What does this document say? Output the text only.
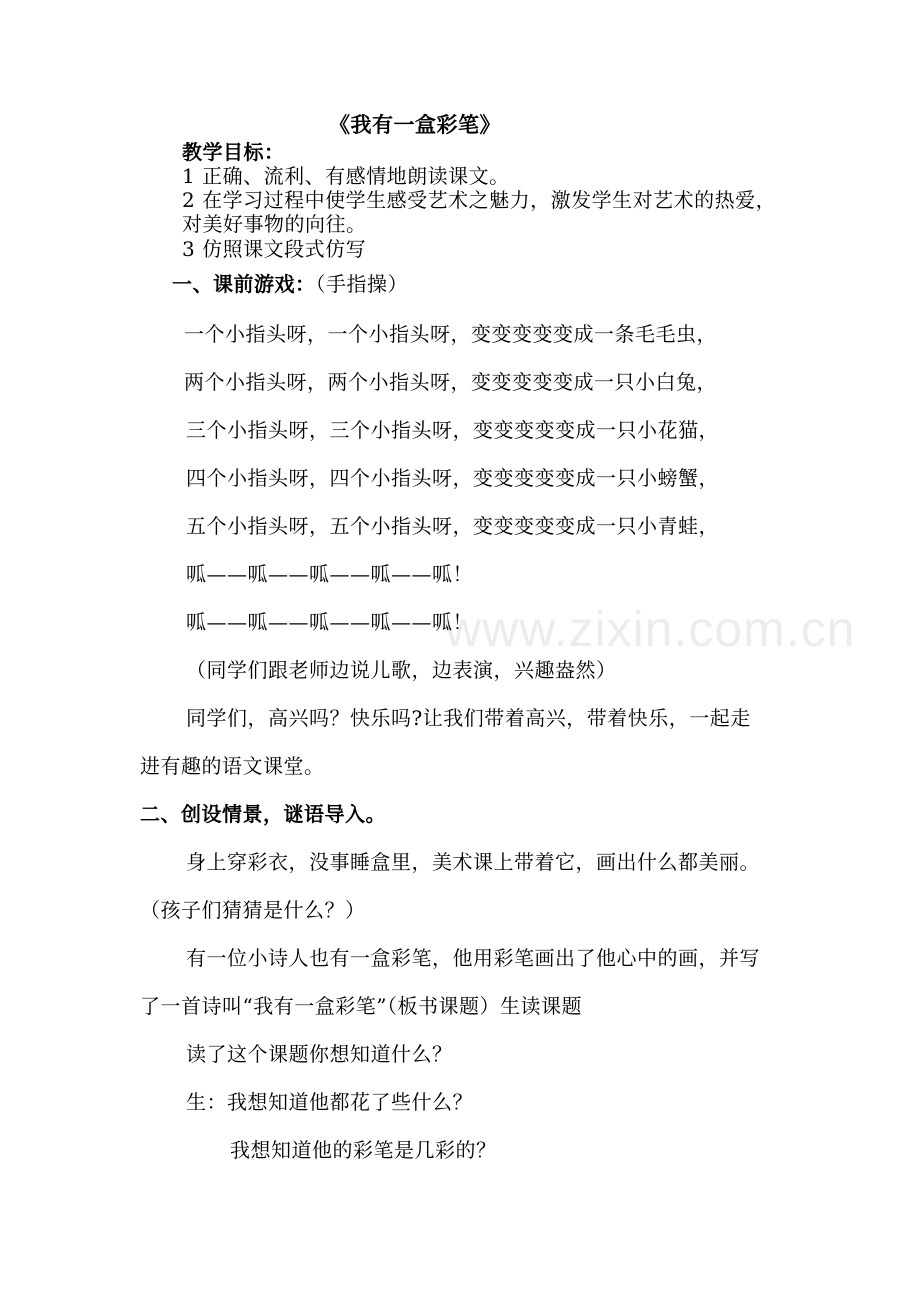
《我有一盒彩笔》
教学目标：
1 正确、流利、有感情地朗读课文。
2 在学习过程中使学生感受艺术之魅力，激发学生对艺术的热爱，
对美好事物的向往。
3 仿照课文段式仿写
一、课前游戏：（手指操）
一个小指头呀，一个小指头呀，变变变变变成一条毛毛虫，
两个小指头呀，两个小指头呀，变变变变变成一只小白兔，
三个小指头呀，三个小指头呀，变变变变变成一只小花猫，
四个小指头呀，四个小指头呀，变变变变变成一只小螃蟹，
五个小指头呀，五个小指头呀，变变变变变成一只小青蛙，
呱——呱——呱——呱——呱！
呱——呱——呱——呱——呱！
（同学们跟老师边说儿歌，边表演，兴趣盎然）
同学们，高兴吗？快乐吗?让我们带着高兴，带着快乐，一起走
进有趣的语文课堂。
二、创设情景，谜语导入。
身上穿彩衣，没事睡盒里，美术课上带着它，画出什么都美丽。
（孩子们猜猜是什么？）
有一位小诗人也有一盒彩笔，他用彩笔画出了他心中的画，并写
了一首诗叫“我有一盒彩笔”（板书课题）生读课题
读了这个课题你想知道什么？
生：我想知道他都花了些什么？
我想知道他的彩笔是几彩的？
www.zixin.com.cn
